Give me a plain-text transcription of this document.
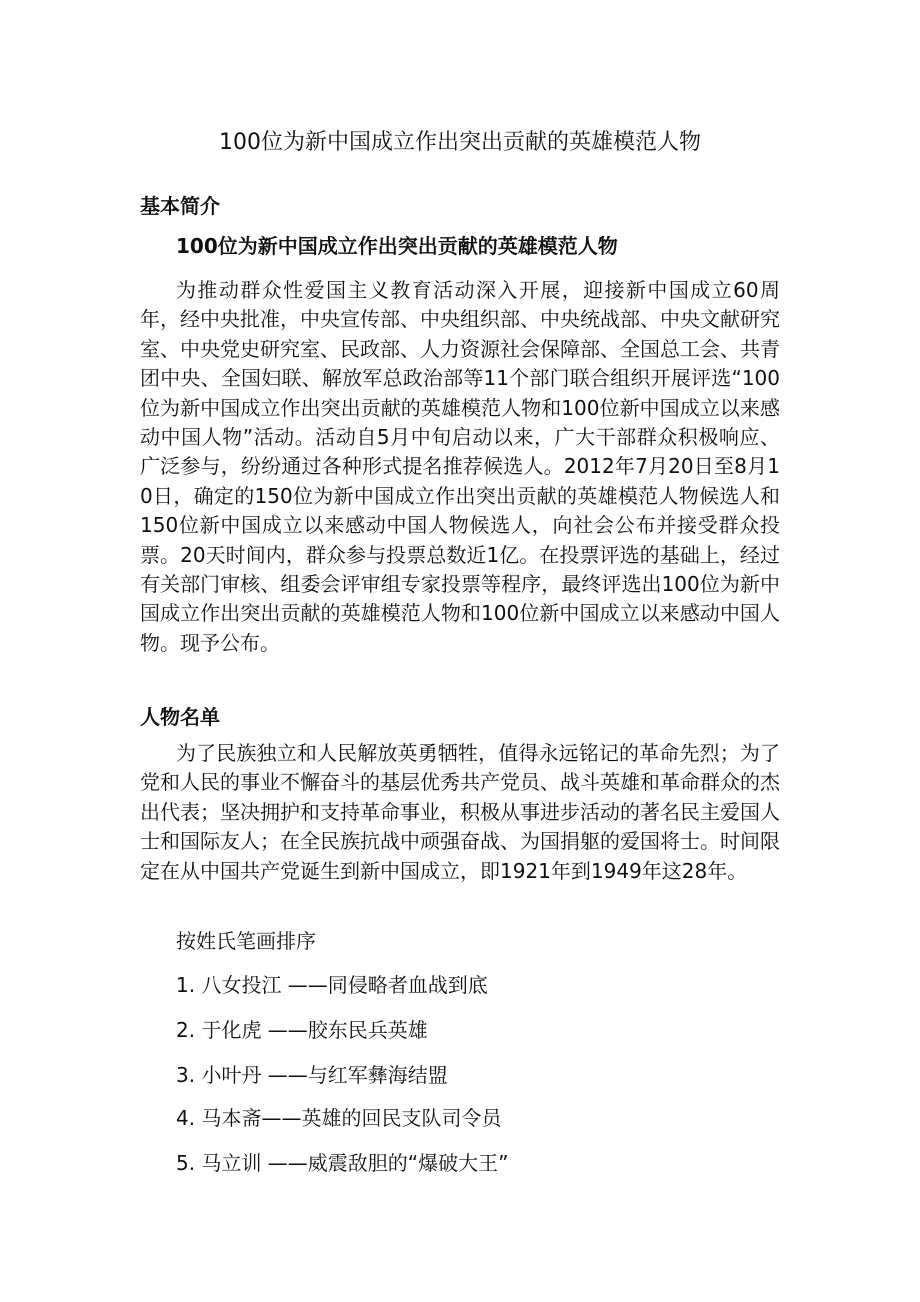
100位为新中国成立作出突出贡献的英雄模范人物
基本简介
100位为新中国成立作出突出贡献的英雄模范人物

为推动群众性爱国主义教育活动深入开展，迎接新中国成立60周年，经中央批准，中央宣传部、中央组织部、中央统战部、中央文献研究室、中央党史研究室、民政部、人力资源社会保障部、全国总工会、共青团中央、全国妇联、解放军总政治部等11个部门联合组织开展评选“100位为新中国成立作出突出贡献的英雄模范人物和100位新中国成立以来感动中国人物”活动。活动自5月中旬启动以来，广大干部群众积极响应、广泛参与，纷纷通过各种形式提名推荐候选人。2012年7月20日至8月10日，确定的150位为新中国成立作出突出贡献的英雄模范人物候选人和150位新中国成立以来感动中国人物候选人，向社会公布并接受群众投票。20天时间内，群众参与投票总数近1亿。在投票评选的基础上，经过有关部门审核、组委会评审组专家投票等程序，最终评选出100位为新中国成立作出突出贡献的英雄模范人物和100位新中国成立以来感动中国人物。现予公布。

人物名单

为了民族独立和人民解放英勇牺牲，值得永远铭记的革命先烈；为了党和人民的事业不懈奋斗的基层优秀共产党员、战斗英雄和革命群众的杰出代表；坚决拥护和支持革命事业，积极从事进步活动的著名民主爱国人士和国际友人；在全民族抗战中顽强奋战、为国捐躯的爱国将士。时间限定在从中国共产党诞生到新中国成立，即1921年到1949年这28年。

按姓氏笔画排序
1. 八女投江 ——同侵略者血战到底
2. 于化虎 ——胶东民兵英雄
3. 小叶丹 ——与红军彝海结盟
4. 马本斋——英雄的回民支队司令员
5. 马立训 ——威震敌胆的“爆破大王”
